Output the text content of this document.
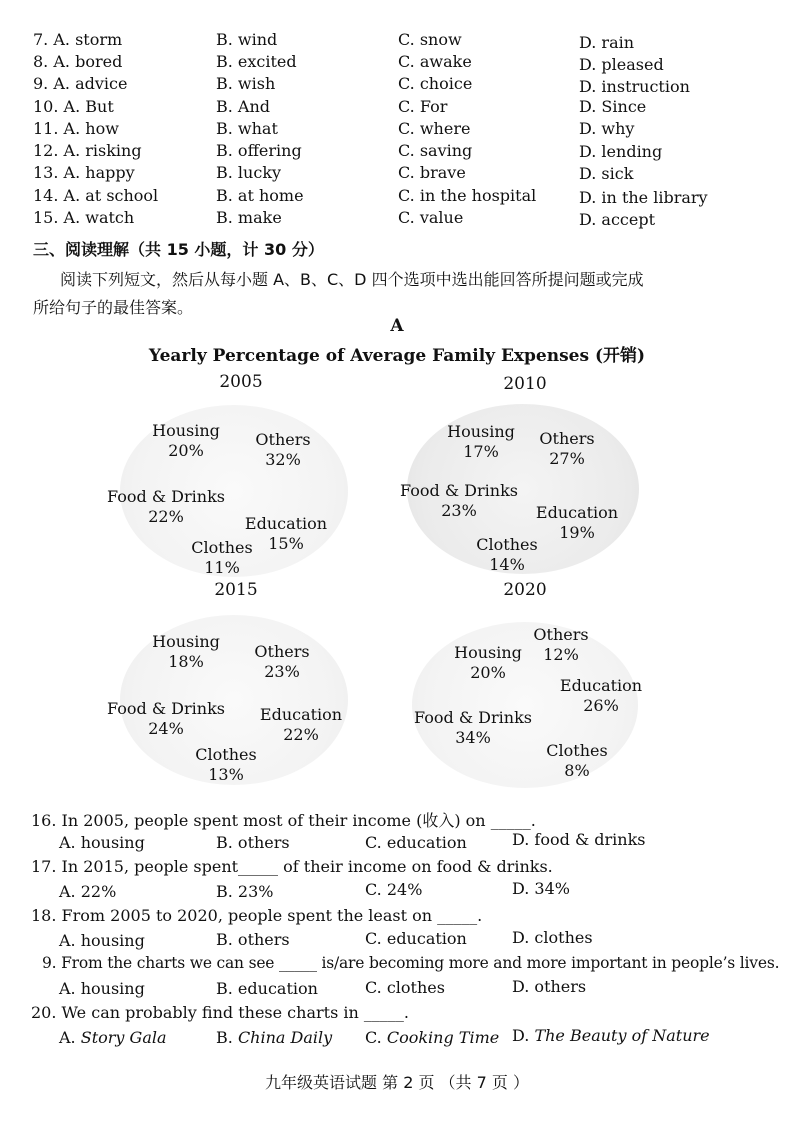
7. A. storm	B. wind	C. snow	D. rain
8. A. bored	B. excited	C. awake	D. pleased
9. A. advice	B. wish	C. choice	D. instruction
10. A. But	B. And	C. For	D. Since
11. A. how	B. what	C. where	D. why
12. A. risking	B. offering	C. saving	D. lending
13. A. happy	B. lucky	C. brave	D. sick
14. A. at school	B. at home	C. in the hospital	D. in the library
15. A. watch	B. make	C. value	D. accept
三、阅读理解（共 15 小题，计 30 分）
阅读下列短文，然后从每小题 A、B、C、D 四个选项中选出能回答所提问题或完成
所给句子的最佳答案。
A
Yearly Percentage of Average Family Expenses (开销)
2005
Housing
20%
Others
32%
Food & Drinks
22%	Education
15%
Clothes
11%
2010
Housing
17%
Others
27%
Food & Drinks
23%	Education
19%
Clothes
14%
2015
Housing
18%
Others
23%
Food & Drinks
24%
Education
22%
Clothes
13%
2020
Housing
20%
Others
12%
Food & Drinks
34%
Education
26%
Clothes
8%
16. In 2005, people spent most of their income (收入) on _____.
A. housing	B. others	C. education	D. food & drinks
17. In 2015, people spent_____ of their income on food & drinks.
A. 22%	B. 23%	C. 24%	D. 34%
18. From 2005 to 2020, people spent the least on _____.
A. housing	B. others	C. education	D. clothes
9. From the charts we can see _____ is/are becoming more and more important in people’s lives.
A. housing	B. education	C. clothes	D. others
20. We can probably find these charts in _____.
A. Story Gala	B. China Daily C. Cooking Time D. The Beauty of Nature
九年级英语试题 第 2 页 （共 7 页 ）
